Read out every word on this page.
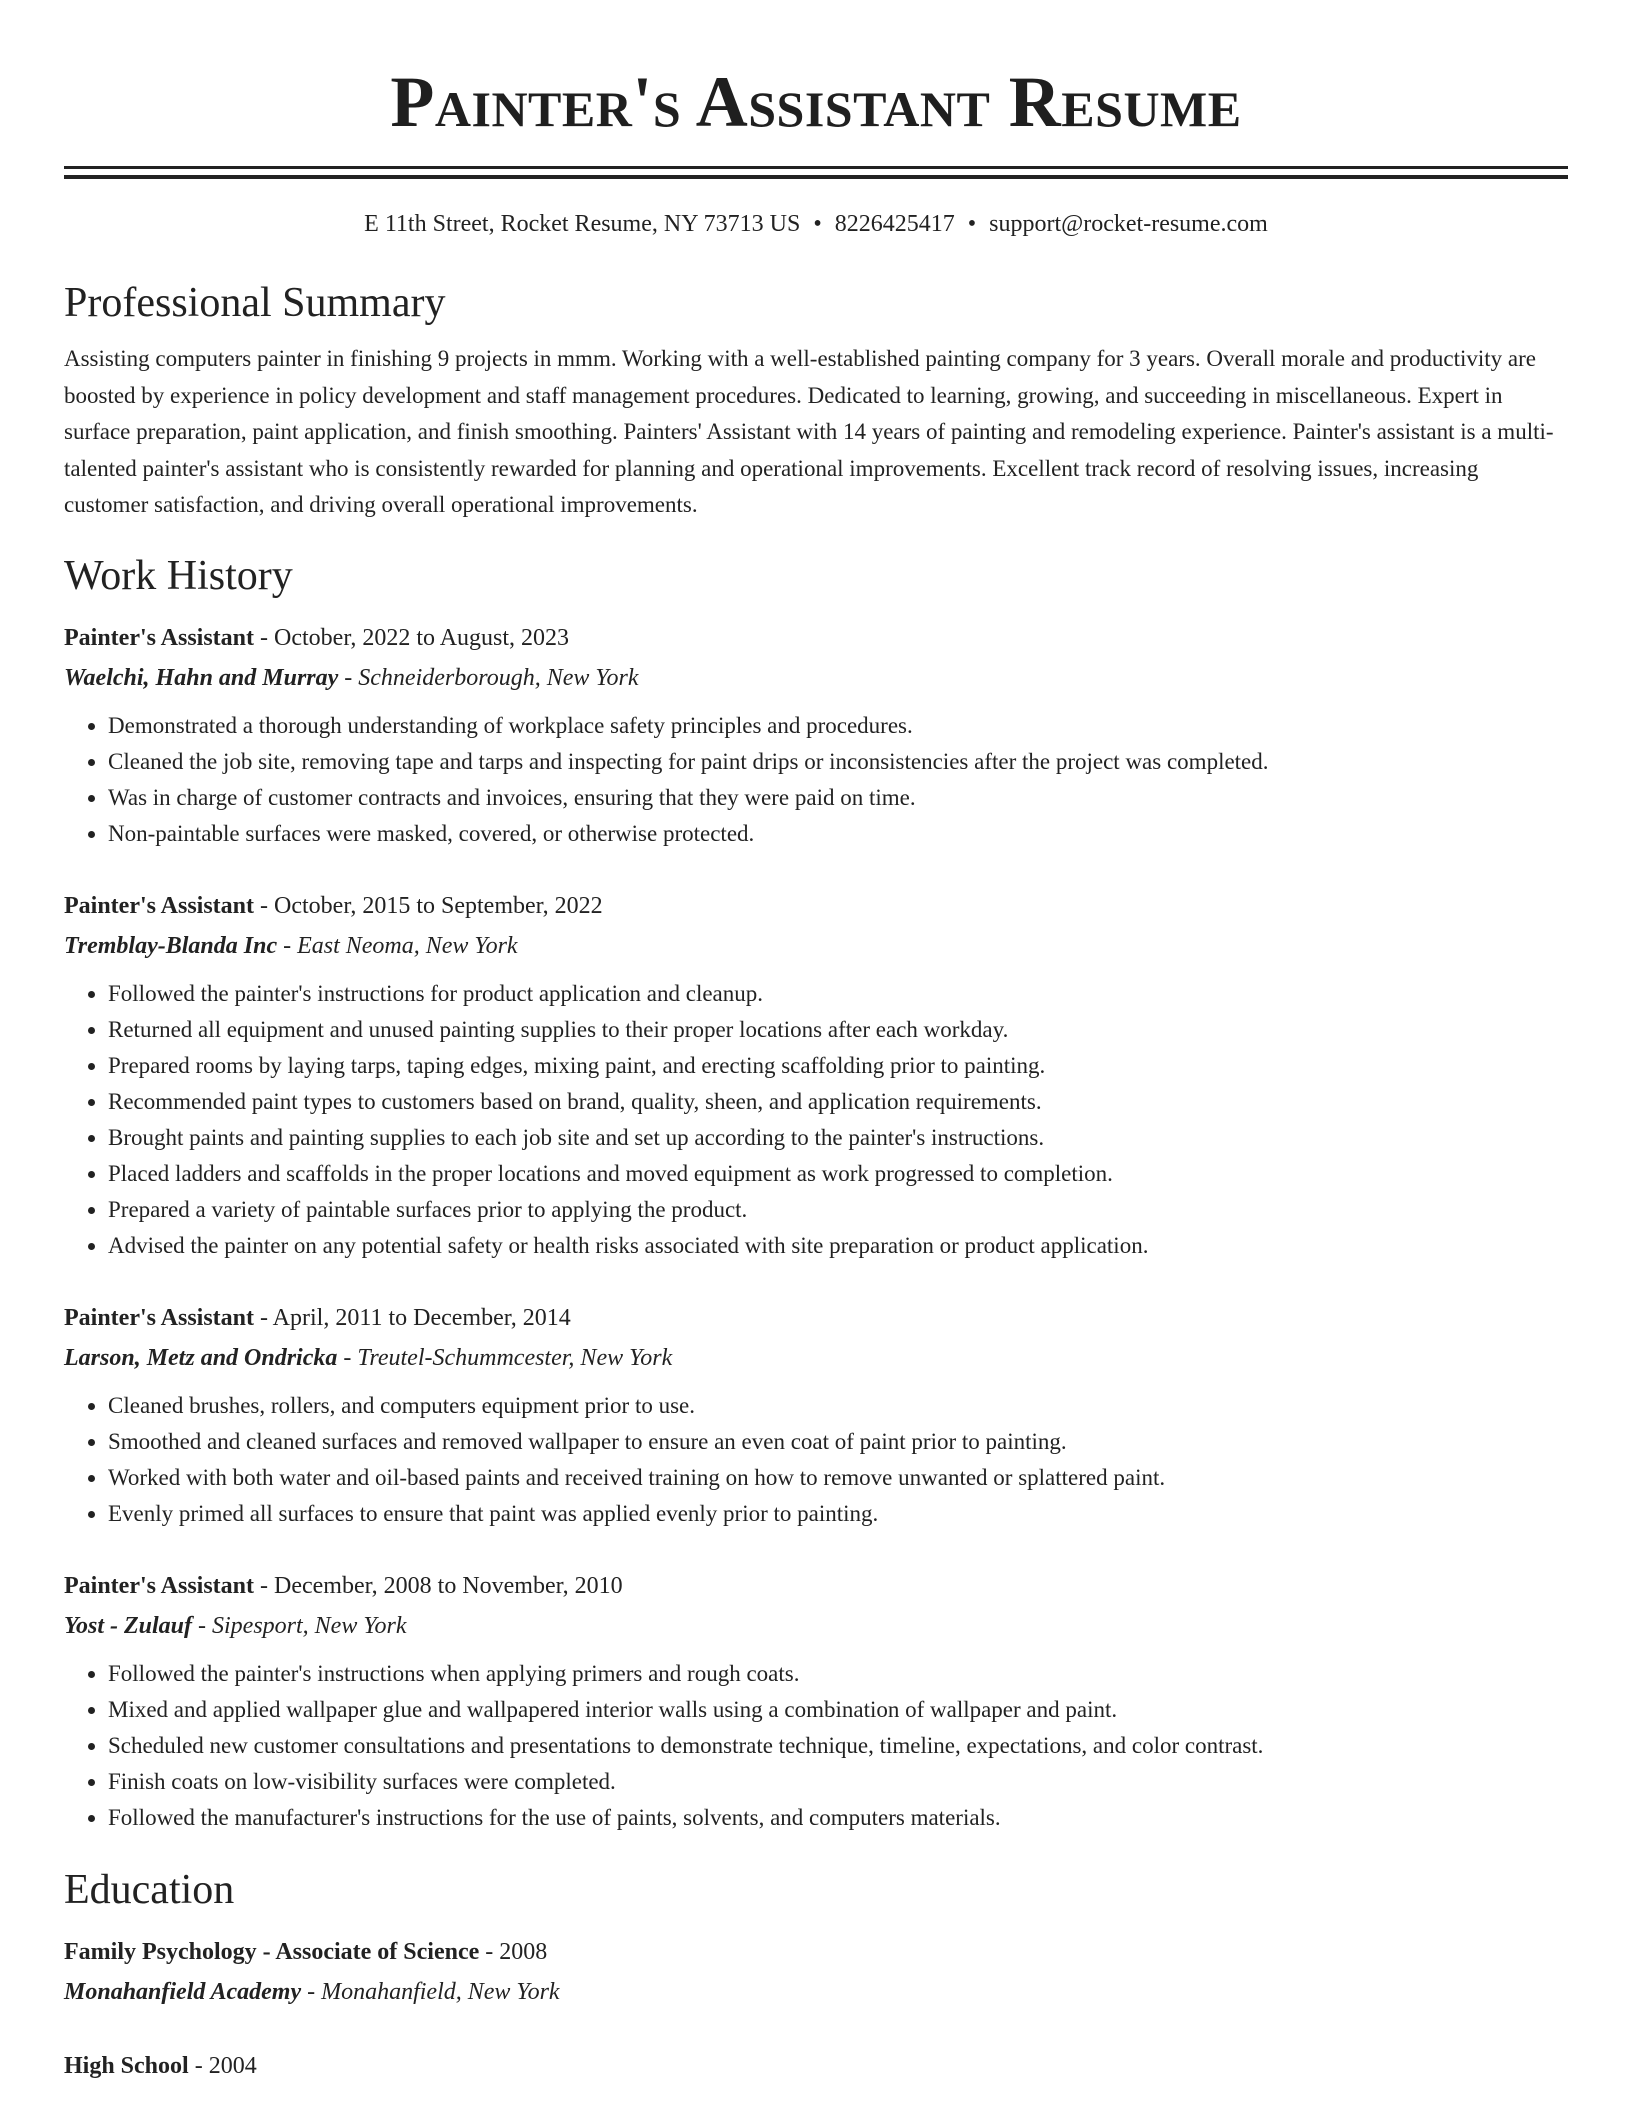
Painter's Assistant Resume
E 11th Street, Rocket Resume, NY 73713 US • 8226425417 • support@rocket-resume.com
Professional Summary
Assisting computers painter in finishing 9 projects in mmm. Working with a well-established painting company for 3 years. Overall morale and productivity are boosted by experience in policy development and staff management procedures. Dedicated to learning, growing, and succeeding in miscellaneous. Expert in surface preparation, paint application, and finish smoothing. Painters' Assistant with 14 years of painting and remodeling experience. Painter's assistant is a multi-talented painter's assistant who is consistently rewarded for planning and operational improvements. Excellent track record of resolving issues, increasing customer satisfaction, and driving overall operational improvements.
Work History
Painter's Assistant - October, 2022 to August, 2023
Waelchi, Hahn and Murray - Schneiderborough, New York
• Demonstrated a thorough understanding of workplace safety principles and procedures.
• Cleaned the job site, removing tape and tarps and inspecting for paint drips or inconsistencies after the project was completed.
• Was in charge of customer contracts and invoices, ensuring that they were paid on time.
• Non-paintable surfaces were masked, covered, or otherwise protected.
Painter's Assistant - October, 2015 to September, 2022
Tremblay-Blanda Inc - East Neoma, New York
• Followed the painter's instructions for product application and cleanup.
• Returned all equipment and unused painting supplies to their proper locations after each workday.
• Prepared rooms by laying tarps, taping edges, mixing paint, and erecting scaffolding prior to painting.
• Recommended paint types to customers based on brand, quality, sheen, and application requirements.
• Brought paints and painting supplies to each job site and set up according to the painter's instructions.
• Placed ladders and scaffolds in the proper locations and moved equipment as work progressed to completion.
• Prepared a variety of paintable surfaces prior to applying the product.
• Advised the painter on any potential safety or health risks associated with site preparation or product application.
Painter's Assistant - April, 2011 to December, 2014
Larson, Metz and Ondricka - Treutel-Schummcester, New York
• Cleaned brushes, rollers, and computers equipment prior to use.
• Smoothed and cleaned surfaces and removed wallpaper to ensure an even coat of paint prior to painting.
• Worked with both water and oil-based paints and received training on how to remove unwanted or splattered paint.
• Evenly primed all surfaces to ensure that paint was applied evenly prior to painting.
Painter's Assistant - December, 2008 to November, 2010
Yost - Zulauf - Sipesport, New York
• Followed the painter's instructions when applying primers and rough coats.
• Mixed and applied wallpaper glue and wallpapered interior walls using a combination of wallpaper and paint.
• Scheduled new customer consultations and presentations to demonstrate technique, timeline, expectations, and color contrast.
• Finish coats on low-visibility surfaces were completed.
• Followed the manufacturer's instructions for the use of paints, solvents, and computers materials.
Education
Family Psychology - Associate of Science - 2008
Monahanfield Academy - Monahanfield, New York
High School - 2004
